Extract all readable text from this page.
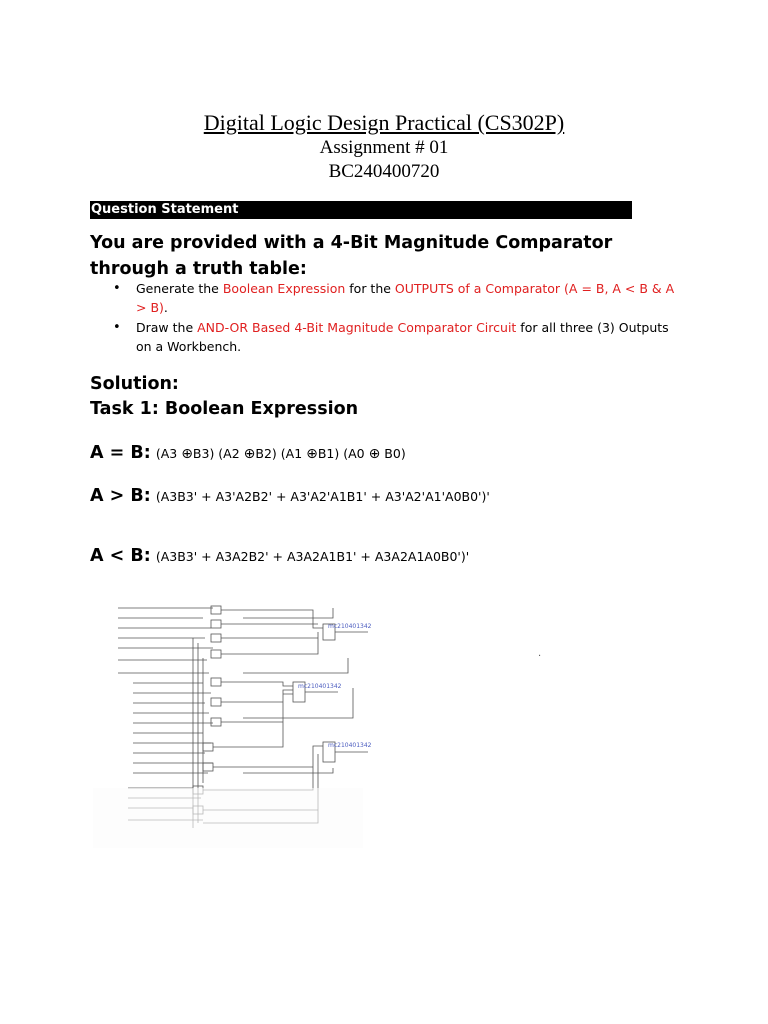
Digital Logic Design Practical (CS302P)
Assignment # 01
BC240400720
Question Statement

You are provided with a 4-Bit Magnitude Comparator through a truth table:

• Generate the Boolean Expression for the OUTPUTS of a Comparator (A = B, A < B & A > B).
• Draw the AND-OR Based 4-Bit Magnitude Comparator Circuit for all three (3) Outputs on a Workbench.
Solution:
Task 1: Boolean Expression
A = B: (A3 ⊕B3) (A2 ⊕B2) (A1 ⊕B1) (A0 ⊕ B0)
A > B: (A3B3' + A3'A2B2' + A3'A2'A1B1' + A3'A2'A1'A0B0')'
A < B: (A3B3' + A3A2B2' + A3A2A1B1' + A3A2A1A0B0')'
mc210401342
mc210401342
mc210401342
.
